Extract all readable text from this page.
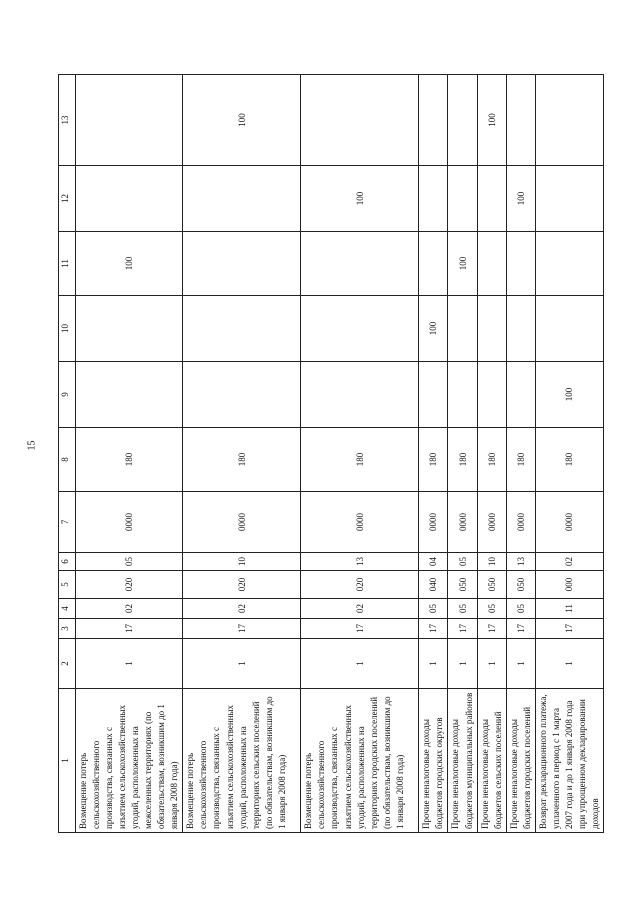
15
1	2	3	4	5	6	7	8	9	10	11	12	13
Возмещение потерь сельскохозяйственного производства, связанных с изъятием сельскохозяйственных угодий, расположенных на межселенных территориях (по обязательствам, возникшим до 1 января 2008 года)	1	17	02	020	05	0000	180			100		
Возмещение потерь сельскохозяйственного производства, связанных с изъятием сельскохозяйственных угодий, расположенных на территориях сельских поселений (по обязательствам, возникшим до 1 января 2008 года)	1	17	02	020	10	0000	180					100
Возмещение потерь сельскохозяйственного производства, связанных с изъятием сельскохозяйственных угодий, расположенных на территориях городских поселений (по обязательствам, возникшим до 1 января 2008 года)	1	17	02	020	13	0000	180				100	
Прочие неналоговые доходы бюджетов городских округов	1	17	05	040	04	0000	180		100			
Прочие неналоговые доходы бюджетов муниципальных районов	1	17	05	050	05	0000	180			100		
Прочие неналоговые доходы бюджетов сельских поселений	1	17	05	050	10	0000	180					100
Прочие неналоговые доходы бюджетов городских поселений	1	17	05	050	13	0000	180				100	
Возврат декларационного платежа, уплаченного в период с 1 марта 2007 года и до 1 января 2008 года при упрощенном декларировании доходов	1	17	11	000	02	0000	180	100				
